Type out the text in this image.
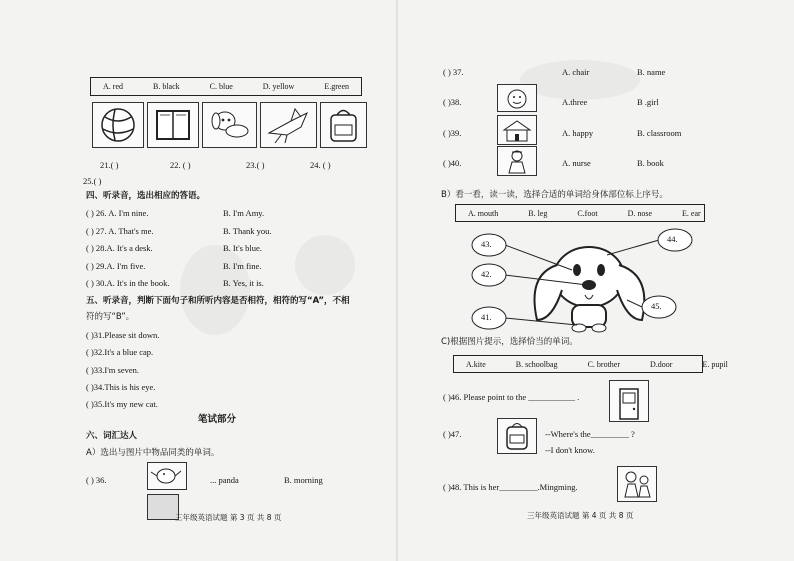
A. red	B. black	C. blue	D. yellow	E.green
21.( )	22. ( )	23.( )	24. ( )
25.( )
四、听录音，选出相应的答语。
( ) 26. A. I'm nine.	B. I'm Amy.
( ) 27. A. That's me.	B. Thank you.
( ) 28.A. It's a desk.	B. It's blue.
( ) 29.A. I'm five.	B. I'm fine.
( ) 30.A. It's in the book.	B. Yes, it is.
五、听录音，判断下面句子和所听内容是否相符，相符的写“A”，不相
符的写“B”。
( )31.Please sit down.
( )32.It's a blue cap.
( )33.I'm seven.
( )34.This is his eye.
( )35.It's my new cat.
笔试部分
六、词汇达人
A）选出与图片中物品同类的单词。
( ) 36.	... panda	B. morning
三年级英语试题 第 3 页 共 8 页
( ) 37.	A. chair	B. name
( )38.	A.three	B .girl
( )39.	A. happy	B. classroom
( )40.	A. nurse	B. book
B）看一看，读一读，选择合适的单词给身体部位标上序号。
A. mouth	B. leg	C.foot	D. nose	E. ear
43.	44.
42.
41.
45.
C)根据图片提示，选择恰当的单词。
A.kite	B. schoolbag	C. brother	D.door	E. pupil
( )46. Please point to the ___________ .
( )47.	--Where's the_________ ?
--I don't know.
( )48. This is her_________.Mingming.
三年级英语试题 第 4 页 共 8 页
